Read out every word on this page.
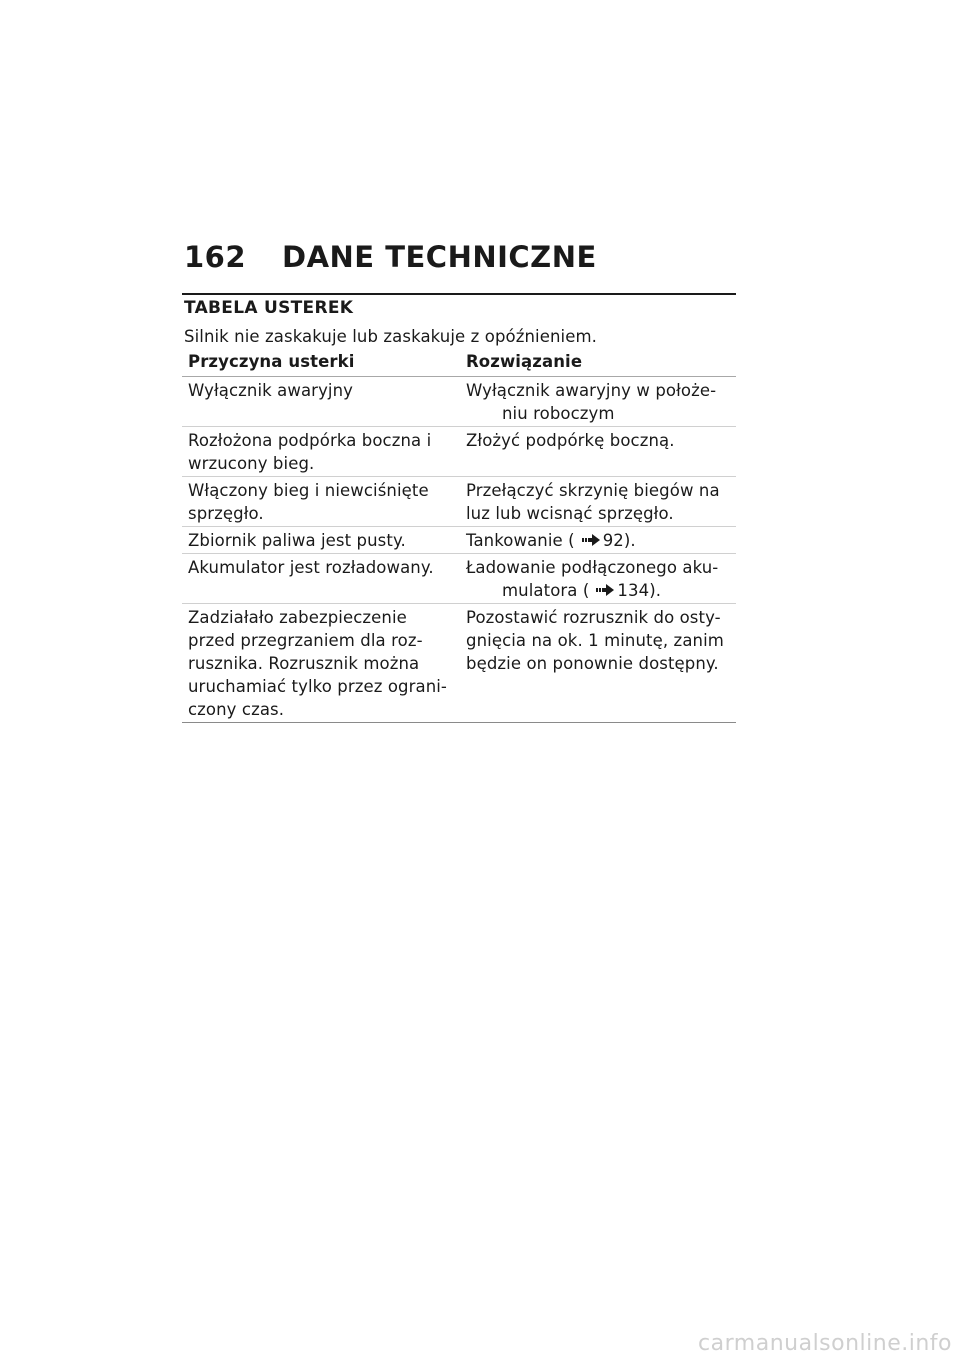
162	DANE TECHNICZNE
TABELA USTEREK
Silnik nie zaskakuje lub zaskakuje z opóźnieniem.
Przyczyna usterki	Rozwiązanie
Wyłącznik awaryjny	Wyłącznik awaryjny w położe-
niu roboczym

Rozłożona podpórka boczna i wrzucony bieg.	Złożyć podpórkę boczną.
Włączony bieg i niewciśnięte sprzęgło.	Przełączyć skrzynię biegów na luz lub wcisnąć sprzęgło.
Zbiornik paliwa jest pusty.	Tankowanie ( 92).
Akumulator jest rozładowany.	Ładowanie podłączonego aku-
mulatora ( 134).

Zadziałało zabezpieczenie przed przegrzaniem dla roz-rusznika. Rozrusznik można uruchamiać tylko przez ograni-czony czas.	Pozostawić rozrusznik do osty-gnięcia na ok. 1 minutę, zanim będzie on ponownie dostępny.
carmanualsonline.info
